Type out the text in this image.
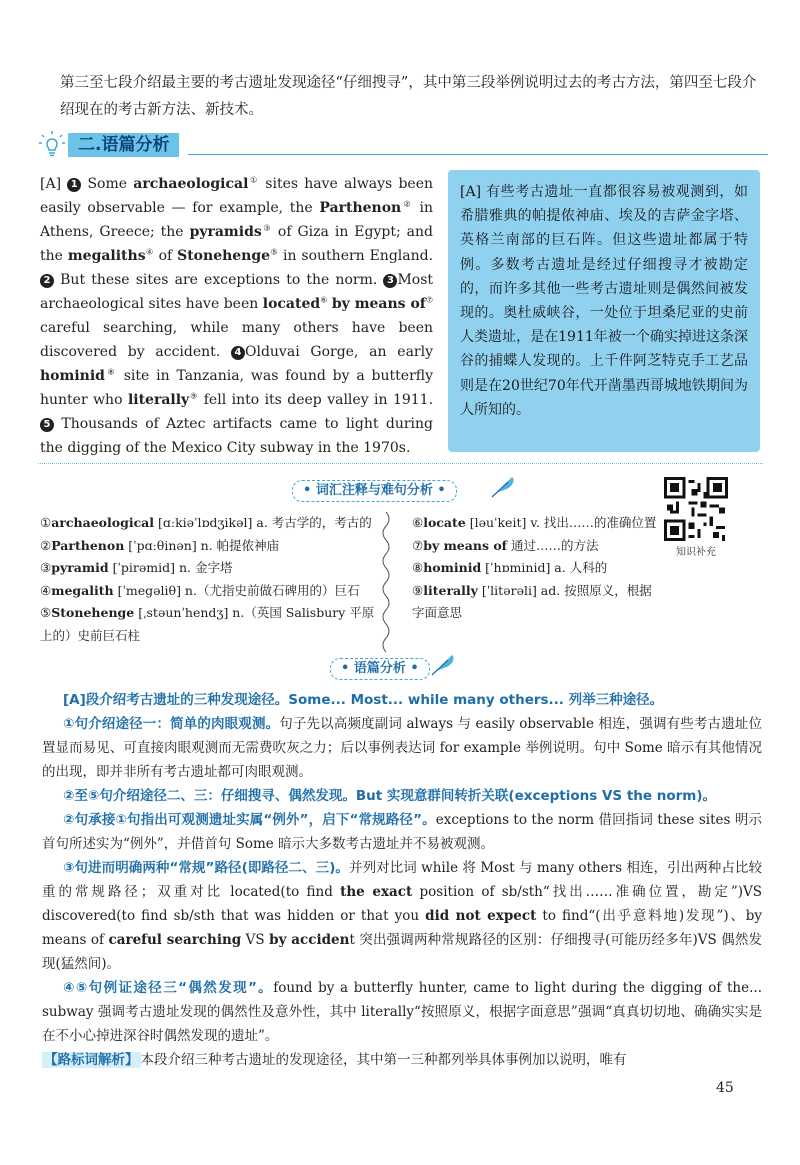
第三至七段介绍最主要的考古遗址发现途径“仔细搜寻”，其中第三段举例说明过去的考古方法，第四至七段介绍现在的考古新方法、新技术。
二.语篇分析
[A] 1 Some archaeological① sites have always been easily observable — for example, the Parthenon② in Athens, Greece; the pyramids③ of Giza in Egypt; and the megaliths④ of Stonehenge⑤ in southern England. 2 But these sites are exceptions to the norm. 3 Most archaeological sites have been located⑥ by means of⑦ careful searching, while many others have been discovered by accident. 4 Olduvai Gorge, an early hominid⑧ site in Tanzania, was found by a butterfly hunter who literally⑨ fell into its deep valley in 1911. 5 Thousands of Aztec artifacts came to light during the digging of the Mexico City subway in the 1970s.
[A] 有些考古遗址一直都很容易被观测到，如希腊雅典的帕提侬神庙、埃及的吉萨金字塔、英格兰南部的巨石阵。但这些遗址都属于特例。多数考古遗址是经过仔细搜寻才被勘定的，而许多其他一些考古遗址则是偶然间被发现的。奥杜威峡谷，一处位于坦桑尼亚的史前人类遗址，是在1911年被一个确实掉进这条深谷的捕蝶人发现的。上千件阿芝特克手工艺品则是在20世纪70年代开凿墨西哥城地铁期间为人所知的。
• 词汇注释与难句分析 •
①archaeological [ɑːkiəˈlɒdʒikəl] a. 考古学的，考古的
②Parthenon [ˈpɑːθinən] n. 帕提侬神庙
③pyramid [ˈpirəmid] n. 金字塔
④megalith [ˈmegəliθ] n.（尤指史前做石碑用的）巨石
⑤Stonehenge [ˌstəunˈhendʒ] n.（英国 Salisbury 平原上的）史前巨石柱
⑥locate [ləuˈkeit] v. 找出……的准确位置
⑦by means of 通过……的方法
⑧hominid [ˈhɒminid] a. 人科的
⑨literally [ˈlitərəli] ad. 按照原义，根据字面意思
知识补充
• 语篇分析 •

[A]段介绍考古遗址的三种发现途径。Some... Most... while many others... 列举三种途径。

①句介绍途径一：简单的肉眼观测。句子先以高频度副词 always 与 easily observable 相连，强调有些考古遗址位置显而易见、可直接肉眼观测而无需费吹灰之力；后以事例表达词 for example 举例说明。句中 Some 暗示有其他情况的出现，即并非所有考古遗址都可肉眼观测。

②至⑤句介绍途径二、三：仔细搜寻、偶然发现。But 实现意群间转折关联(exceptions VS the norm)。

②句承接①句指出可观测遗址实属“例外”，启下“常规路径”。exceptions to the norm 借回指词 these sites 明示首句所述实为“例外”，并借首句 Some 暗示大多数考古遗址并不易被观测。

③句进而明确两种“常规”路径(即路径二、三)。并列对比词 while 将 Most 与 many others 相连，引出两种占比较重的常规路径；双重对比 located(to find the exact position of sb/sth“找出……准确位置，勘定”)VS discovered(to find sb/sth that was hidden or that you did not expect to find“(出乎意料地)发现”)、by means of careful searching VS by accident 突出强调两种常规路径的区别：仔细搜寻(可能历经多年)VS 偶然发现(猛然间)。

④⑤句例证途径三“偶然发现”。found by a butterfly hunter, came to light during the digging of the... subway 强调考古遗址发现的偶然性及意外性，其中 literally“按照原义，根据字面意思”强调“真真切切地、确确实实是在不小心掉进深谷时偶然发现的遗址”。

【路标词解析】 本段介绍三种考古遗址的发现途径，其中第一三种都列举具体事例加以说明，唯有

45
